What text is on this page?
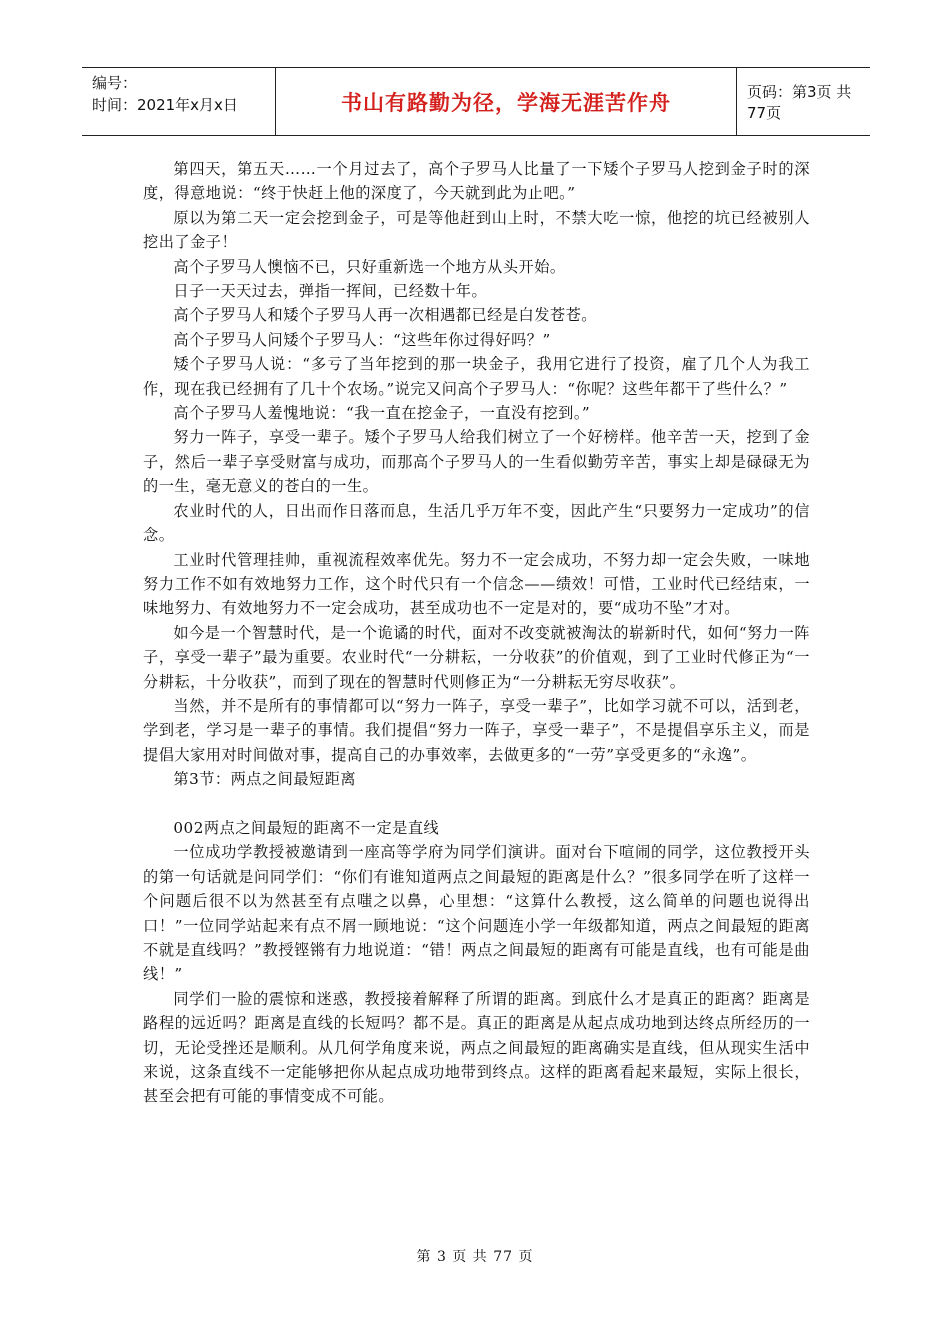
编号：
时间：2021年x月x日	书山有路勤为径，学海无涯苦作舟	页码：第3页 共77页

第四天，第五天……一个月过去了，高个子罗马人比量了一下矮个子罗马人挖到金子时的深度，得意地说：“终于快赶上他的深度了，今天就到此为止吧。”

原以为第二天一定会挖到金子，可是等他赶到山上时，不禁大吃一惊，他挖的坑已经被别人挖出了金子！

高个子罗马人懊恼不已，只好重新选一个地方从头开始。

日子一天天过去，弹指一挥间，已经数十年。

高个子罗马人和矮个子罗马人再一次相遇都已经是白发苍苍。

高个子罗马人问矮个子罗马人：“这些年你过得好吗？”

矮个子罗马人说：“多亏了当年挖到的那一块金子，我用它进行了投资，雇了几个人为我工作，现在我已经拥有了几十个农场。”说完又问高个子罗马人：“你呢？这些年都干了些什么？”

高个子罗马人羞愧地说：“我一直在挖金子，一直没有挖到。”

努力一阵子，享受一辈子。矮个子罗马人给我们树立了一个好榜样。他辛苦一天，挖到了金子，然后一辈子享受财富与成功，而那高个子罗马人的一生看似勤劳辛苦，事实上却是碌碌无为的一生，毫无意义的苍白的一生。

农业时代的人，日出而作日落而息，生活几乎万年不变，因此产生“只要努力一定成功”的信念。

工业时代管理挂帅，重视流程效率优先。努力不一定会成功，不努力却一定会失败，一味地努力工作不如有效地努力工作，这个时代只有一个信念——绩效！可惜，工业时代已经结束，一味地努力、有效地努力不一定会成功，甚至成功也不一定是对的，要“成功不坠”才对。

如今是一个智慧时代，是一个诡谲的时代，面对不改变就被淘汰的崭新时代，如何“努力一阵子，享受一辈子”最为重要。农业时代“一分耕耘，一分收获”的价值观，到了工业时代修正为“一分耕耘，十分收获”，而到了现在的智慧时代则修正为“一分耕耘无穷尽收获”。

当然，并不是所有的事情都可以“努力一阵子，享受一辈子”，比如学习就不可以，活到老，学到老，学习是一辈子的事情。我们提倡“努力一阵子，享受一辈子”，不是提倡享乐主义，而是提倡大家用对时间做对事，提高自己的办事效率，去做更多的“一劳”享受更多的“永逸”。

第3节：两点之间最短距离

002两点之间最短的距离不一定是直线

一位成功学教授被邀请到一座高等学府为同学们演讲。面对台下喧闹的同学，这位教授开头的第一句话就是问同学们：“你们有谁知道两点之间最短的距离是什么？”很多同学在听了这样一个问题后很不以为然甚至有点嗤之以鼻，心里想：“这算什么教授，这么简单的问题也说得出口！”一位同学站起来有点不屑一顾地说：“这个问题连小学一年级都知道，两点之间最短的距离不就是直线吗？”教授铿锵有力地说道：“错！两点之间最短的距离有可能是直线，也有可能是曲线！”

同学们一脸的震惊和迷惑，教授接着解释了所谓的距离。到底什么才是真正的距离？距离是路程的远近吗？距离是直线的长短吗？都不是。真正的距离是从起点成功地到达终点所经历的一切，无论受挫还是顺利。从几何学角度来说，两点之间最短的距离确实是直线，但从现实生活中来说，这条直线不一定能够把你从起点成功地带到终点。这样的距离看起来最短，实际上很长，甚至会把有可能的事情变成不可能。

第 3 页 共 77 页
